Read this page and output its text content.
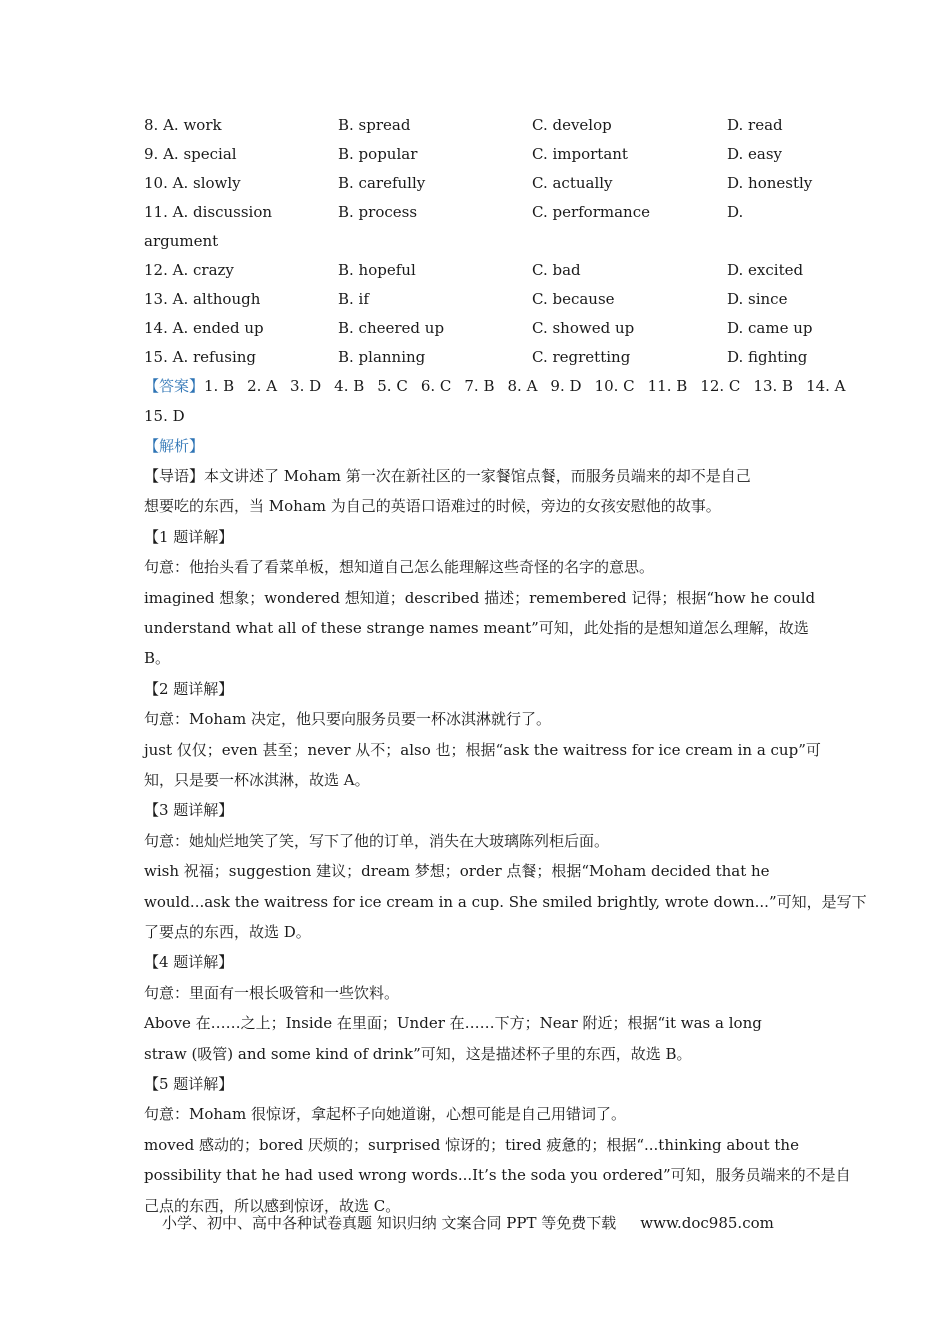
8. A. work	B. spread	C. develop	D. read
9. A. special	B. popular	C. important	D. easy
10. A. slowly	B. carefully	C. actually	D. honestly
11. A. discussion	B. process	C. performance	D.
argument
12. A. crazy	B. hopeful	C. bad	D. excited
13. A. although	B. if	C. because	D. since
14. A. ended up	B. cheered up	C. showed up	D. came up
15. A. refusing	B. planning	C. regretting	D. fighting
【答案】1. B 2. A 3. D 4. B 5. C 6. C 7. B 8. A 9. D 10. C 11. B 12. C 13. B 14. A
15. D
【解析】
【导语】本文讲述了 Moham 第一次在新社区的一家餐馆点餐，而服务员端来的却不是自己
想要吃的东西，当 Moham 为自己的英语口语难过的时候，旁边的女孩安慰他的故事。
【1 题详解】
句意：他抬头看了看菜单板，想知道自己怎么能理解这些奇怪的名字的意思。
imagined 想象；wondered 想知道；described 描述；remembered 记得；根据“how he could
understand what all of these strange names meant”可知，此处指的是想知道怎么理解，故选
B。
【2 题详解】
句意：Moham 决定，他只要向服务员要一杯冰淇淋就行了。
just 仅仅；even 甚至；never 从不；also 也；根据“ask the waitress for ice cream in a cup”可
知，只是要一杯冰淇淋，故选 A。
【3 题详解】
句意：她灿烂地笑了笑，写下了他的订单，消失在大玻璃陈列柜后面。
wish 祝福；suggestion 建议；dream 梦想；order 点餐；根据“Moham decided that he
would...ask the waitress for ice cream in a cup. She smiled brightly, wrote down...”可知，是写下
了要点的东西，故选 D。
【4 题详解】
句意：里面有一根长吸管和一些饮料。
Above 在……之上；Inside 在里面；Under 在……下方；Near 附近；根据“it was a long
straw (吸管) and some kind of drink”可知，这是描述杯子里的东西，故选 B。
【5 题详解】
句意：Moham 很惊讶，拿起杯子向她道谢，心想可能是自己用错词了。
moved 感动的；bored 厌烦的；surprised 惊讶的；tired 疲惫的；根据“...thinking about the
possibility that he had used wrong words...It’s the soda you ordered”可知，服务员端来的不是自
己点的东西，所以感到惊讶，故选 C。
小学、初中、高中各种试卷真题 知识归纳 文案合同 PPT 等免费下载 www.doc985.com
